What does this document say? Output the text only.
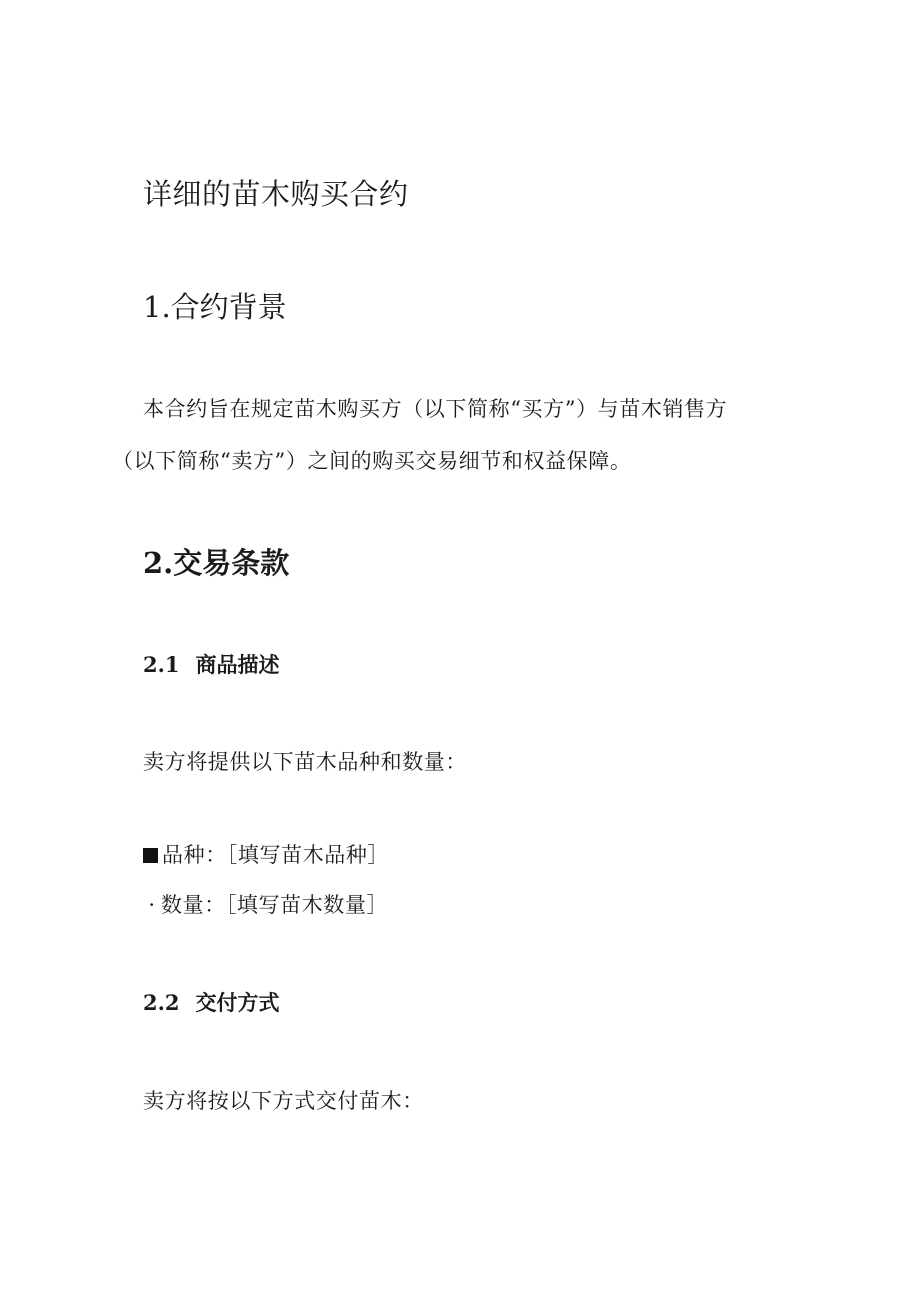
详细的苗木购买合约
1.合约背景

本合约旨在规定苗木购买方（以下简称“买方”）与苗木销售方

（以下简称“卖方”）之间的购买交易细节和权益保障。

2.交易条款
2.1 商品描述

卖方将提供以下苗木品种和数量：

品种：［填写苗木品种］
· 数量：［填写苗木数量］
2.2 交付方式

卖方将按以下方式交付苗木：
